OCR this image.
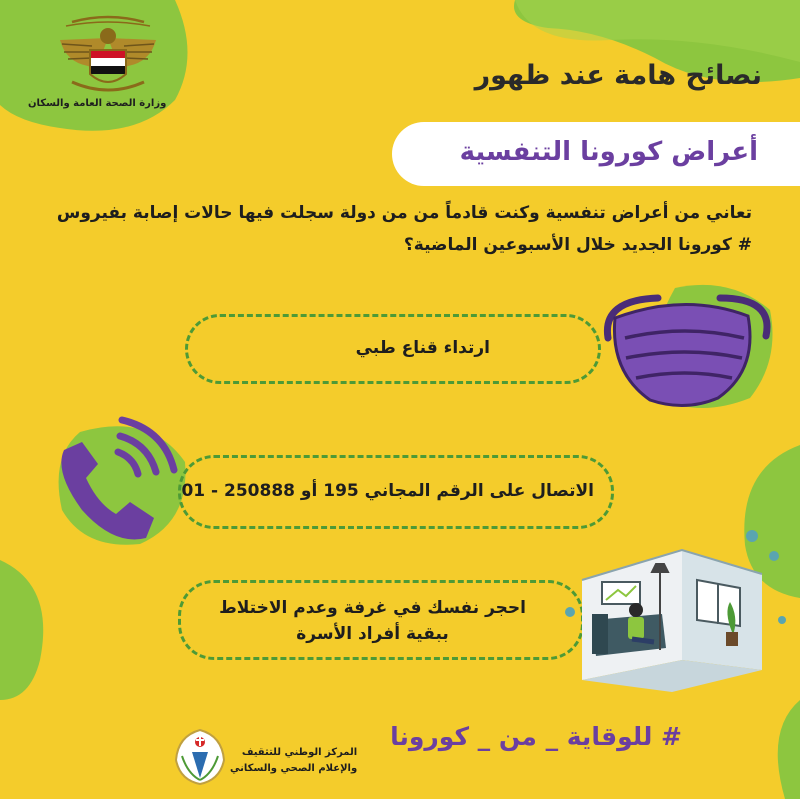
وزارة الصحة العامة والسكان
نصائح هامة عند ظهور
أعراض كورونا التنفسية
تعاني من أعراض تنفسية وكنت قادماً من من دولة سجلت فيها حالات إصابة بفيروس
# كورونا الجديد خلال الأسبوعين الماضية؟
ارتداء قناع طبي
الاتصال على الرقم المجاني 195 أو 250888 - 01
احجر نفسك في غرفة وعدم الاختلاط
ببقية أفراد الأسرة
# للوقاية _ من _ كورونا
المركز الوطني للتثقيف
والإعلام الصحي والسكاني
